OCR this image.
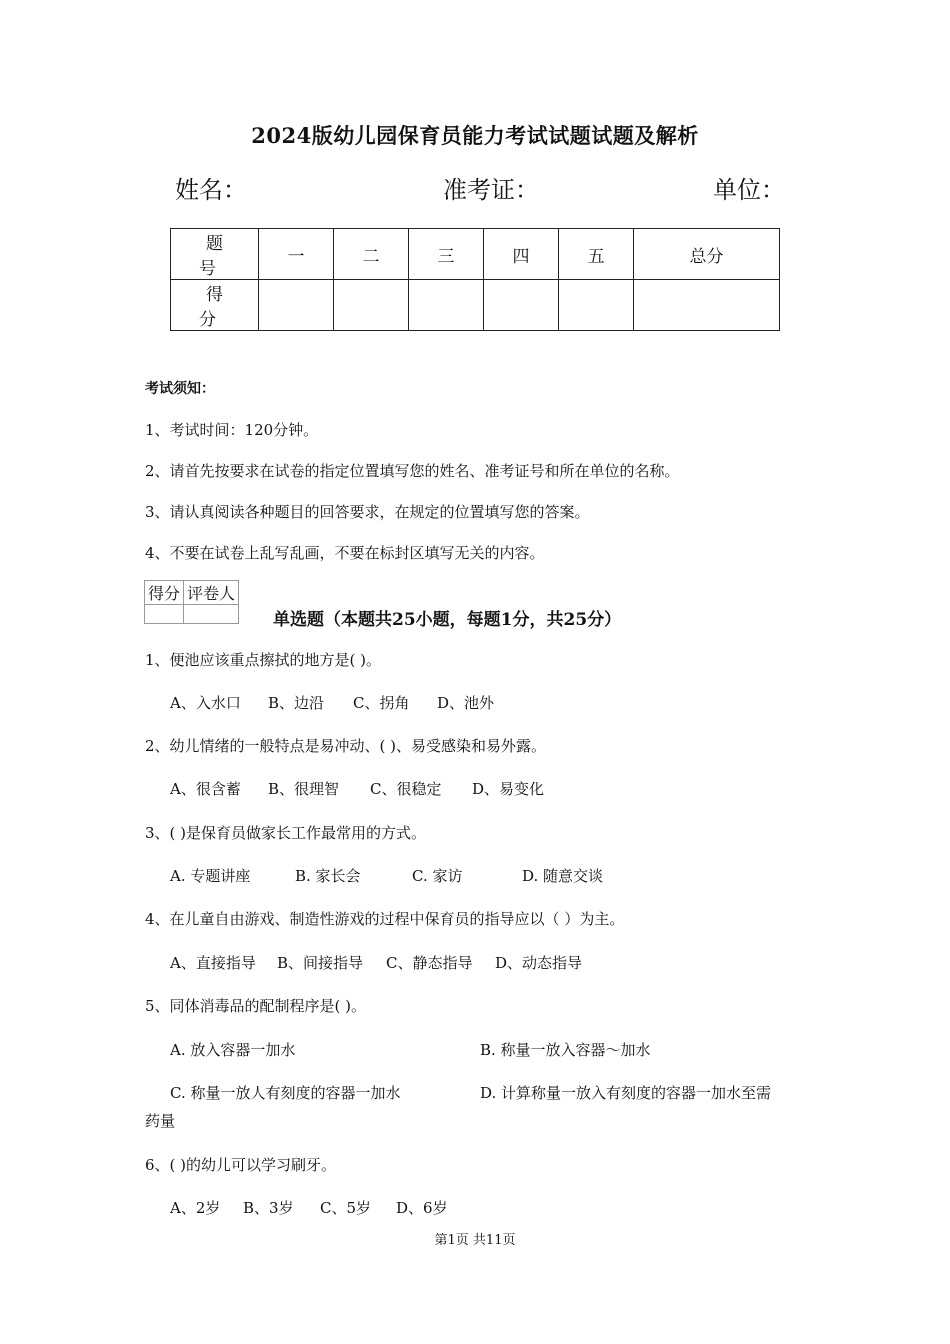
2024版幼儿园保育员能力考试试题试题及解析
姓名：	准考证：	单位：
题 号	一	二	三	四	五	总分
得 分						
考试须知：
1、考试时间：120分钟。
2、请首先按要求在试卷的指定位置填写您的姓名、准考证号和所在单位的名称。
3、请认真阅读各种题目的回答要求，在规定的位置填写您的答案。
4、不要在试卷上乱写乱画，不要在标封区填写无关的内容。
得分	评卷人

单选题（本题共25小题，每题1分，共25分）
1、便池应该重点擦拭的地方是( )。
A、入水口 B、边沿 C、拐角 D、池外
2、幼儿情绪的一般特点是易冲动、( )、易受感染和易外露。
A、很含蓄 B、很理智 C、很稳定 D、易变化
3、( )是保育员做家长工作最常用的方式。
A. 专题讲座	B. 家长会	C. 家访	D. 随意交谈
4、在儿童自由游戏、制造性游戏的过程中保育员的指导应以（ ）为主。
A、直接指导 B、间接指导 C、静态指导 D、动态指导
5、同体消毒品的配制程序是( )。
A. 放入容器一加水	B. 称量一放入容器～加水
C. 称量一放人有刻度的容器一加水	D. 计算称量一放入有刻度的容器一加水至需
药量
6、( )的幼儿可以学习刷牙。
A、2岁 B、3岁 C、5岁 D、6岁
第1页 共11页
